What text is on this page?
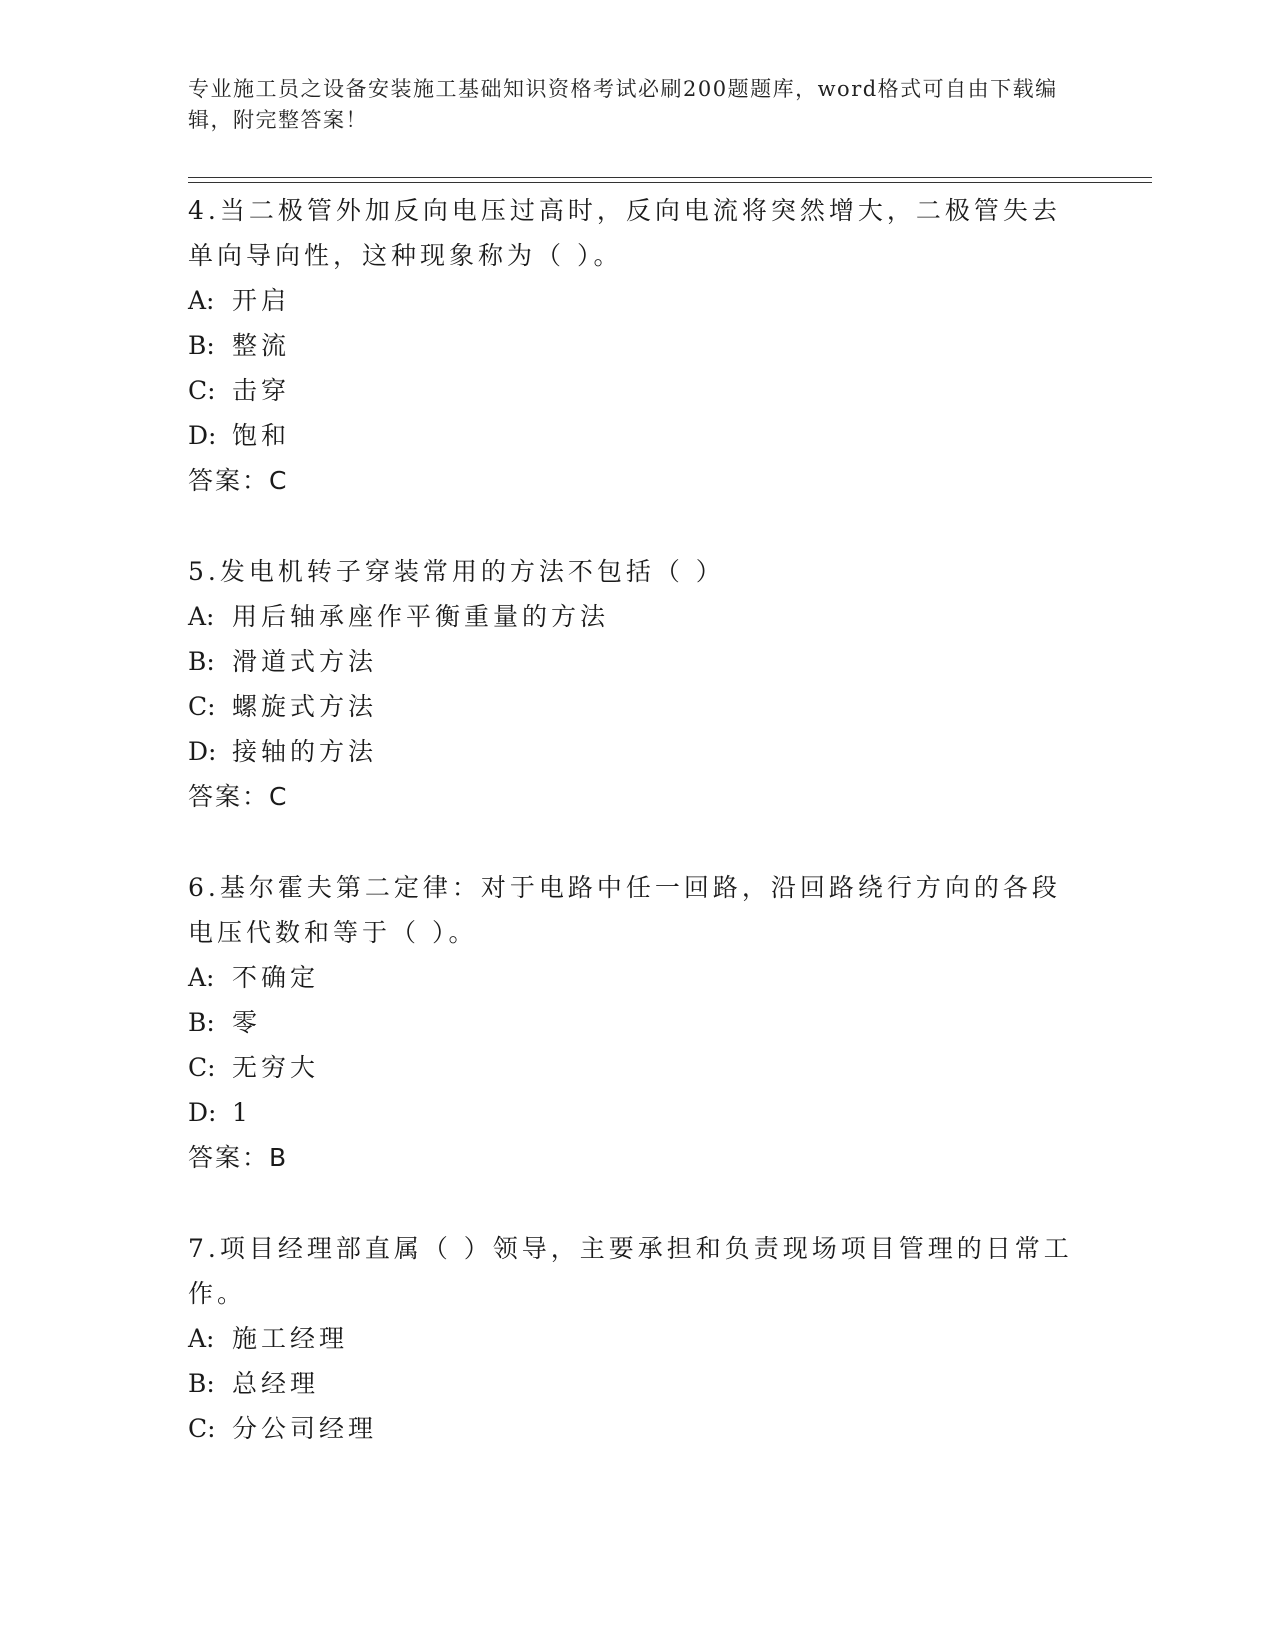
专业施工员之设备安装施工基础知识资格考试必刷200题题库，word格式可自由下载编辑，附完整答案！

4.当二极管外加反向电压过高时，反向电流将突然增大，二极管失去单向导向性，这种现象称为（ ）。

A: 开启

B: 整流

C: 击穿

D: 饱和

答案：C

5.发电机转子穿装常用的方法不包括（ ）

A: 用后轴承座作平衡重量的方法

B: 滑道式方法

C: 螺旋式方法

D: 接轴的方法

答案：C

6.基尔霍夫第二定律：对于电路中任一回路，沿回路绕行方向的各段电压代数和等于（ ）。

A: 不确定

B: 零

C: 无穷大

D: 1

答案：B

7.项目经理部直属（ ）领导，主要承担和负责现场项目管理的日常工作。

A: 施工经理

B: 总经理

C: 分公司经理
